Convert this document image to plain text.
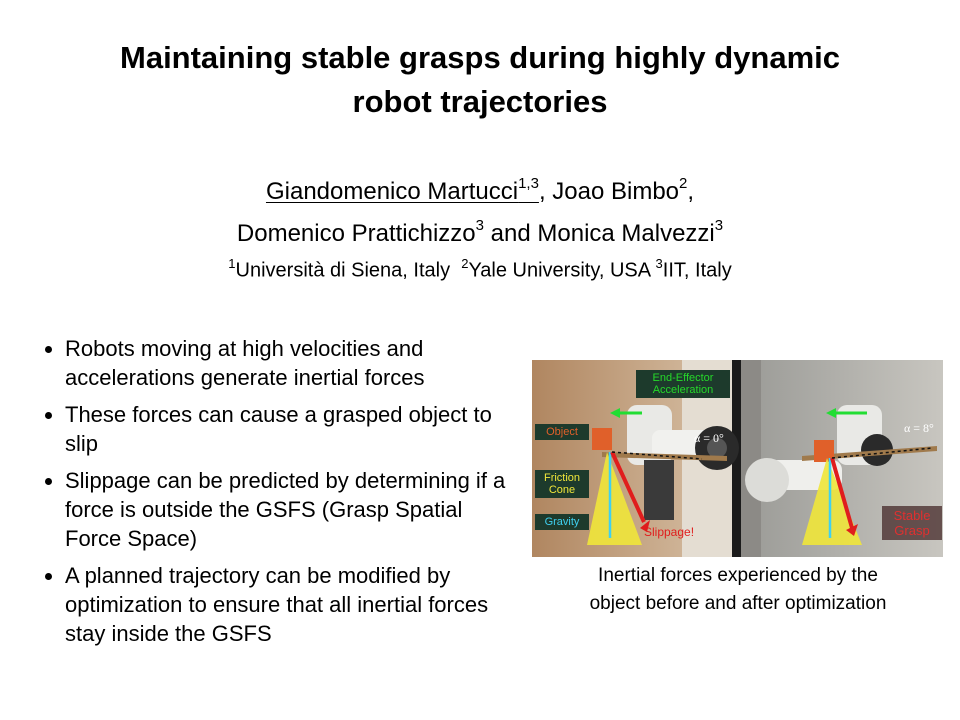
Maintaining stable grasps during highly dynamic
robot trajectories
Giandomenico Martucci$^{1,3}$, Joao Bimbo$^2$,
Domenico Prattichizzo$^3$ and Monica Malvezzi$^3$
$^1$Università di Siena, Italy $^2$Yale University, USA $^3$IIT, Italy
Robots moving at high velocities and accelerations generate inertial forces
These forces can cause a grasped object to slip
Slippage can be predicted by determining if a force is outside the GSFS (Grasp Spatial Force Space)
A planned trajectory can be modified by optimization to ensure that all inertial forces stay inside the GSFS
α = 0°
α = 8°
Slippage!
End-Effector Acceleration
Object
Friction Cone
Gravity	Stable Grasp
Inertial forces experienced by the
object before and after optimization
